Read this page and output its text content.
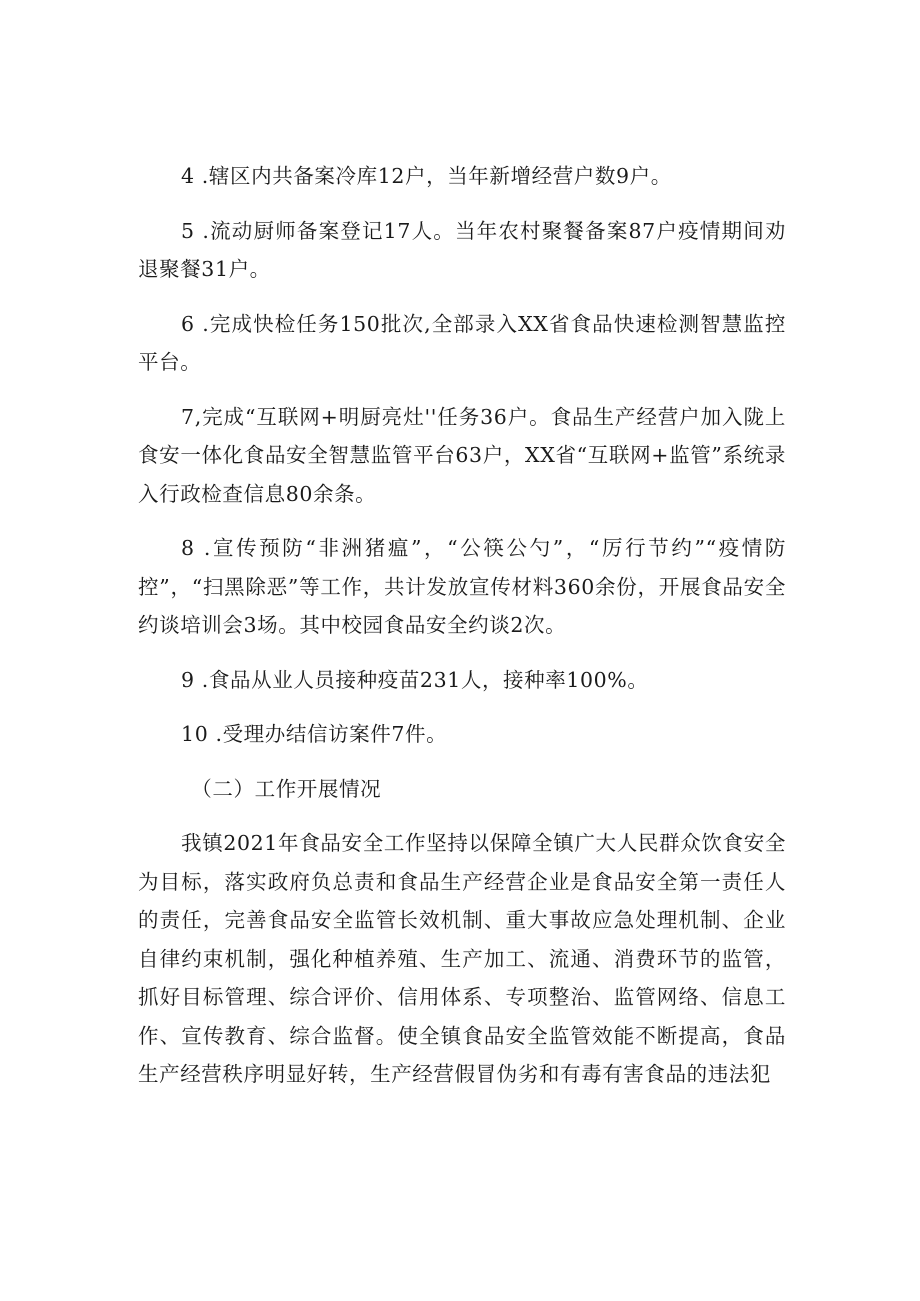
4 .辖区内共备案冷库12户，当年新增经营户数9户。

5 .流动厨师备案登记17人。当年农村聚餐备案87户疫情期间劝退聚餐31户。

6 .完成快检任务150批次,全部录入XX省食品快速检测智慧监控平台。

7,完成“互联网+明厨亮灶''任务36户。食品生产经营户加入陇上食安一体化食品安全智慧监管平台63户，XX省“互联网+监管”系统录入行政检查信息80余条。

8 .宣传预防“非洲猪瘟”，“公筷公勺”，“厉行节约”“疫情防控”，“扫黑除恶”等工作，共计发放宣传材料360余份，开展食品安全约谈培训会3场。其中校园食品安全约谈2次。

9 .食品从业人员接种疫苗231人，接种率100%。

10 .受理办结信访案件7件。

（二）工作开展情况

我镇2021年食品安全工作坚持以保障全镇广大人民群众饮食安全为目标，落实政府负总责和食品生产经营企业是食品安全第一责任人的责任，完善食品安全监管长效机制、重大事故应急处理机制、企业自律约束机制，强化种植养殖、生产加工、流通、消费环节的监管，抓好目标管理、综合评价、信用体系、专项整治、监管网络、信息工作、宣传教育、综合监督。使全镇食品安全监管效能不断提高，食品生产经营秩序明显好转，生产经营假冒伪劣和有毒有害食品的违法犯
